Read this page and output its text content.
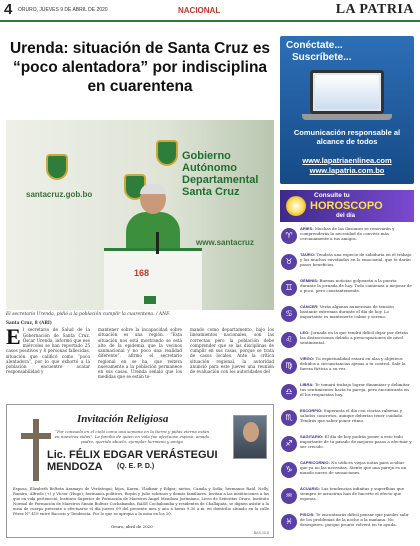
4 ORURO, JUEVES 9 DE ABRIL DE 2020	NACIONAL	LA PATRIA
Urenda: situación de Santa Cruz es “poco alentadora” por indisciplina en cuarentena
Gobierno Autónomo Departamental Santa Cruz
santacruz.gob.bo
www.santacruz
168
El secretario Urenda, pidió a la población cumplir la cuarentena. / ANF.
Santa Cruz, 8 (ABI)
E l secretario de Salud de la Gobernación de Santa Cruz, Óscar Urenda, informó que ese miércoles se han reportado 25 casos positivos y 8 personas fallecidas, situación que calificó como “poco alentadora”, por lo que exhortó a la población encuentre acatar responsabilidad y
mantener sobre la incapacidad sobre situación es una región. “Esta situación nos está mostrando se está alto de la epidemia que la vecinos sanmacional y no poco una realidad diferente”, afirmó el secretario regional en se ha, que reitera nuevamente a la población permanece en sus casas. Urenda señaló que los medidas que se están to-
mando como departamento, bajo los lineamientos nacionales, son las correctas pero la población debe comprender que se las disciplinas de cumplir en sus casas, porque se trata de casos locales. Ante la crítica situación regional, la autoridad anunció para este jueves una reunión de evaluación con los autoridades del
Invitación Religiosa
“Por consuelo en el cielo como una semana en la tierra y pidas eterna están en nuestros vidas”. La familia de quien en vida fue afectuoso esposo, amado padre, querido abuelo, ejemplar hermano y amigo
Lic. FÉLIX EDGAR VERÁSTEGUI MENDOZA	(Q. E. P. D.)
Esposa, Elizabeth Beltrán Aramayo de Verástegui; hijos, Karen, Vladimir y Edgar; nietos, Camila y Sofía; hermanos Raúl, Nelly, Ramiro, Alfredo (+) y Víctor (Hugo); hermanos políticos, Boyán y Julio sobrinos y demás familiares. Invitan a las instituciones a las que en vida perteneció, Instituto Superior de Formación de Maestros Ángel Mendoza Justiniano, Liceo de Señoritas Oruro, Instituto Normal de Formación de Maestros Simón Bolívar Cochabamba, BASE Cochabamba y residentes de Challapata, se dignen asistir a la misa de cuerpo presente a efectuarse el día jueves 09 del presente mes y año a horas 9:30 a.m. en domicilio situado en la calle Pérez N° 419 entre Bacovic y Tendencia. Por lo que se apropia a la misa en los 20.
Oruro, abril de 2020
BAS-10-8
Conéctate...
Suscríbete...
Comunicación responsable al alcance de todos
www.lapatriaenlinea.com
www.lapatria.com.bo
Consulte tu
HOROSCOPO
del día
♈
ARIES: Muchas de las ilusiones se renovarán y comprenderás la necesidad de convivir más cercanamente a tus amigos.
♉
TAURO: Tendrás una especie de sabiduría en el trabajo y los muchos envidiados en lo emocional, que te darán pasos beneficios.
♊
GÉMINIS: Buenas noticias golpearán a la puerta durante la jornada de hoy. Todo comienza a mejorar de a poco, pero constantemente.
♋
CÁNCER: Verás algunas numerosas de tensión bastante extremas durante el día de hoy. Lo importante es mantenerte calmo y sereno.
♌
LEO: Jornada en la que tendrá difícil dejar por detrás las distracciones debido a preocupaciones de nivel sentimental.
♍
VIRGO: Tu espiritualidad estará en alza y objetivos debidos a circunstancias ajenas a tu control. Sale la fuerza ficticia a su vez.
♎
LIBRA: Te tomará trabajo lograr dinamizar y delimitar tus sentimientos hacia tu pareja, pero encontrarás en él los respuestas hoy.
♏
ESCORPIO: Superarás el día con ciertas rabietas y saludos concretos, aunque deberías tener cuidado. Tendrás que saber poner ritmo.
♐
SAGITARIO: El día de hoy podrás poner a esto todo importante de tu pasado de mejores pasos a efectuar y ser crecido.
♑
CAPRICORNIO: No utilices viejas notas para ocultar que ya no las necesitas. Siente que una pareja es un mundo nuevo de sensaciones.
♒
ACUARIO: Las tendencias infinitas y superfluas que siempre te arrastran han de hacerte el efecto que esperas.
♓
PISCIS: Te encontrarás difícil pensar que puedes salir de los problemas de la noche a la mañana. No desesperes, porque pronto volverá en tu ayuda.
